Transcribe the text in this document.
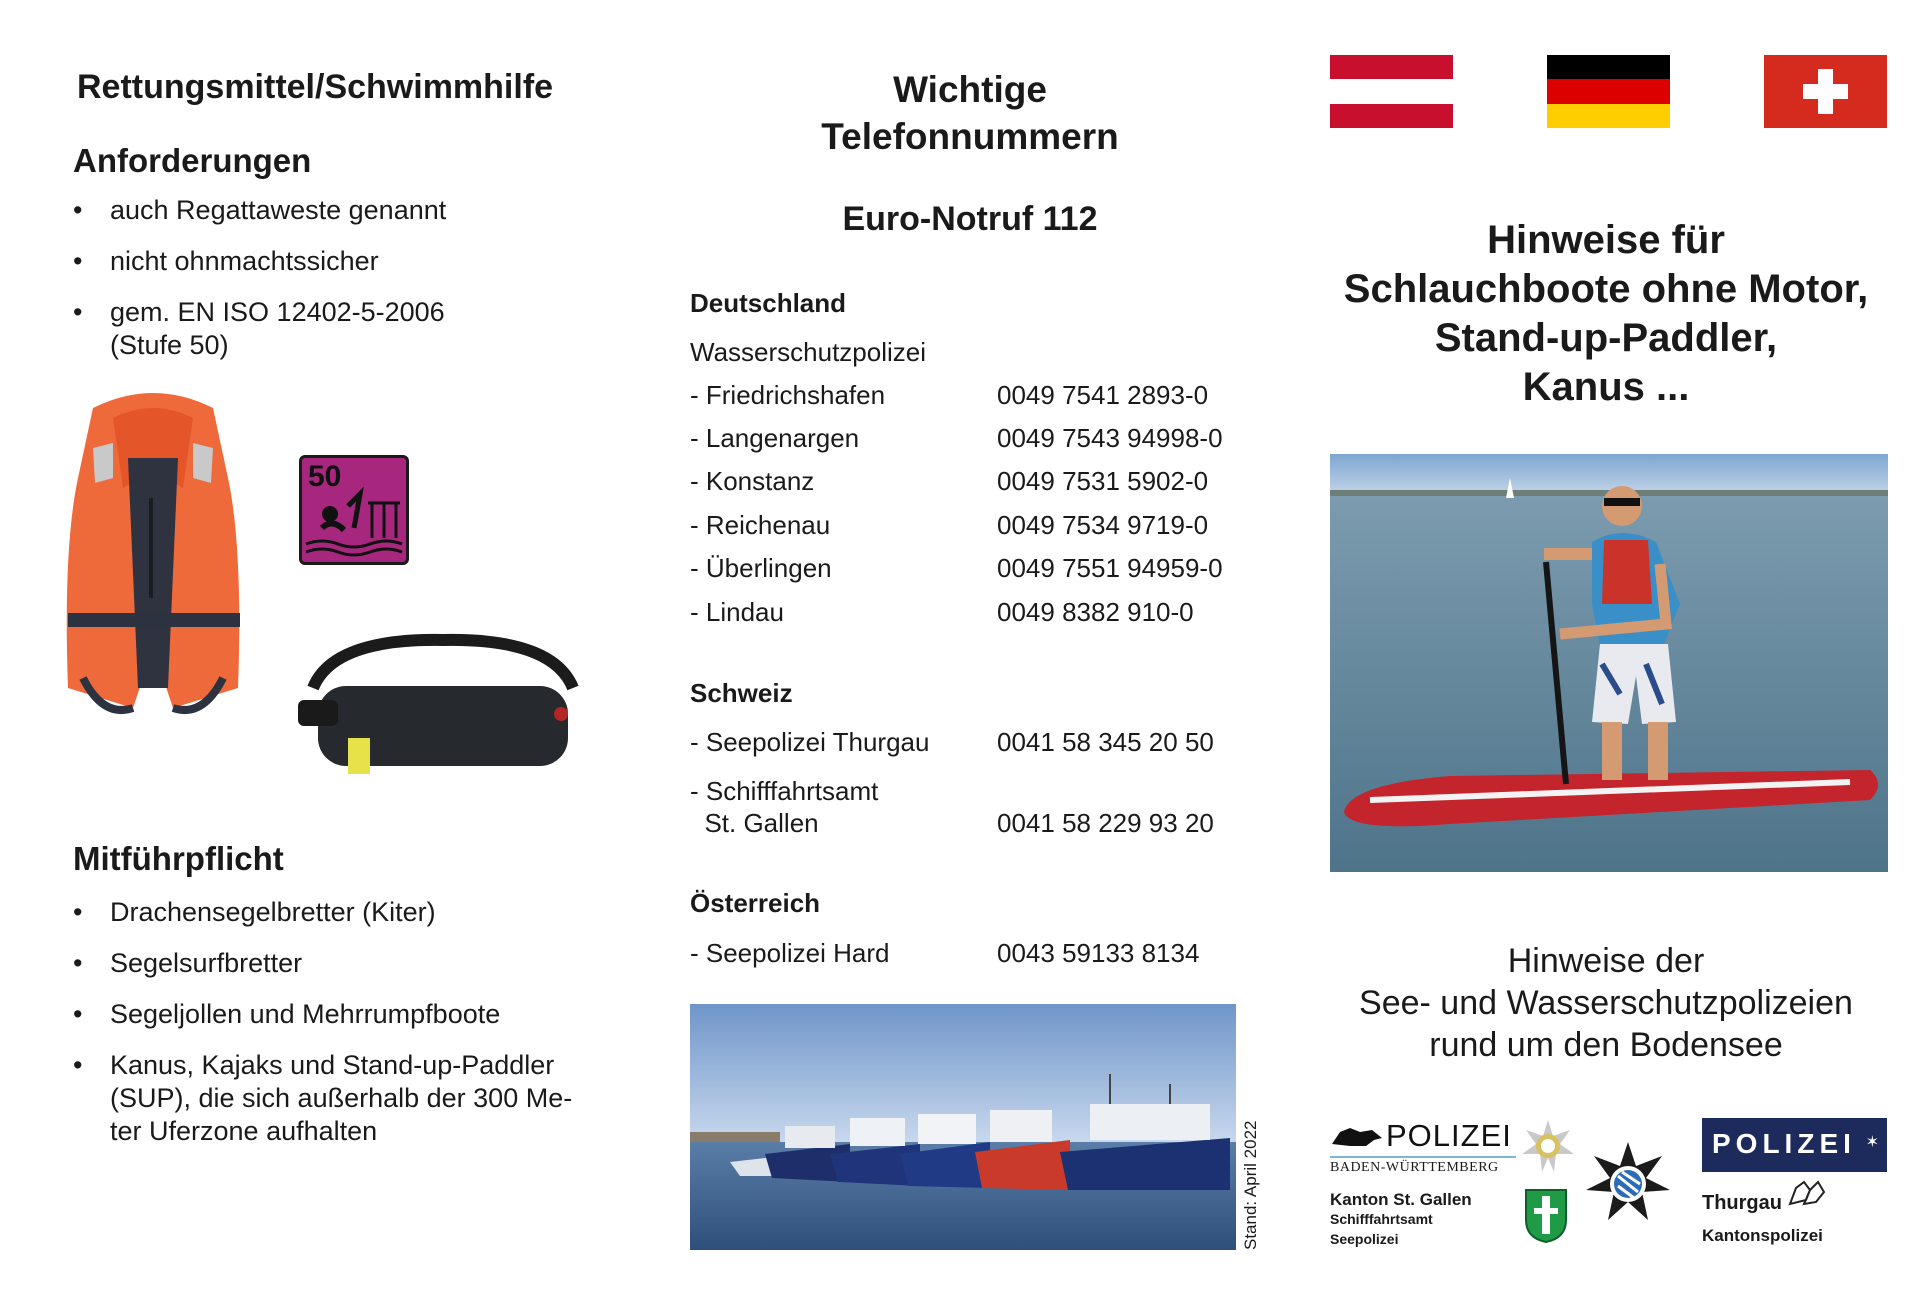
Rettungsmittel/Schwimmhilfe
Anforderungen
• auch Regattaweste genannt
• nicht ohnmachtssicher
• gem. EN ISO 12402-5-2006
(Stufe 50)
50
Mitführpflicht
• Drachensegelbretter (Kiter)
• Segelsurfbretter
• Segeljollen und Mehrrumpfboote
• Kanus, Kajaks und Stand-up-Paddler
(SUP), die sich außerhalb der 300 Me-
ter Uferzone aufhalten
Wichtige
Telefonnummern
Euro-Notruf 112
Deutschland

Wasserschutzpolizei

- Friedrichshafen	0049 7541 2893-0
- Langenargen	0049 7543 94998-0
- Konstanz	0049 7531 5902-0
- Reichenau	0049 7534 9719-0
- Überlingen	0049 7551 94959-0
- Lindau	0049 8382 910-0
Schweiz
- Seepolizei Thurgau	0041 58 345 20 50
- Schifffahrtsamt
St. Gallen	0041 58 229 93 20
Österreich
- Seepolizei Hard	0043 59133 8134
Stand: April 2022
Hinweise für
Schlauchboote ohne Motor,
Stand-up-Paddler,
Kanus ...
Hinweise der
See- und Wasserschutzpolizeien
rund um den Bodensee
POLIZEI
BADEN-WÜRTTEMBERG
Kanton St. Gallen
Schifffahrtsamt
Seepolizei
POLIZEI ✶
Thurgau
Kantonspolizei
